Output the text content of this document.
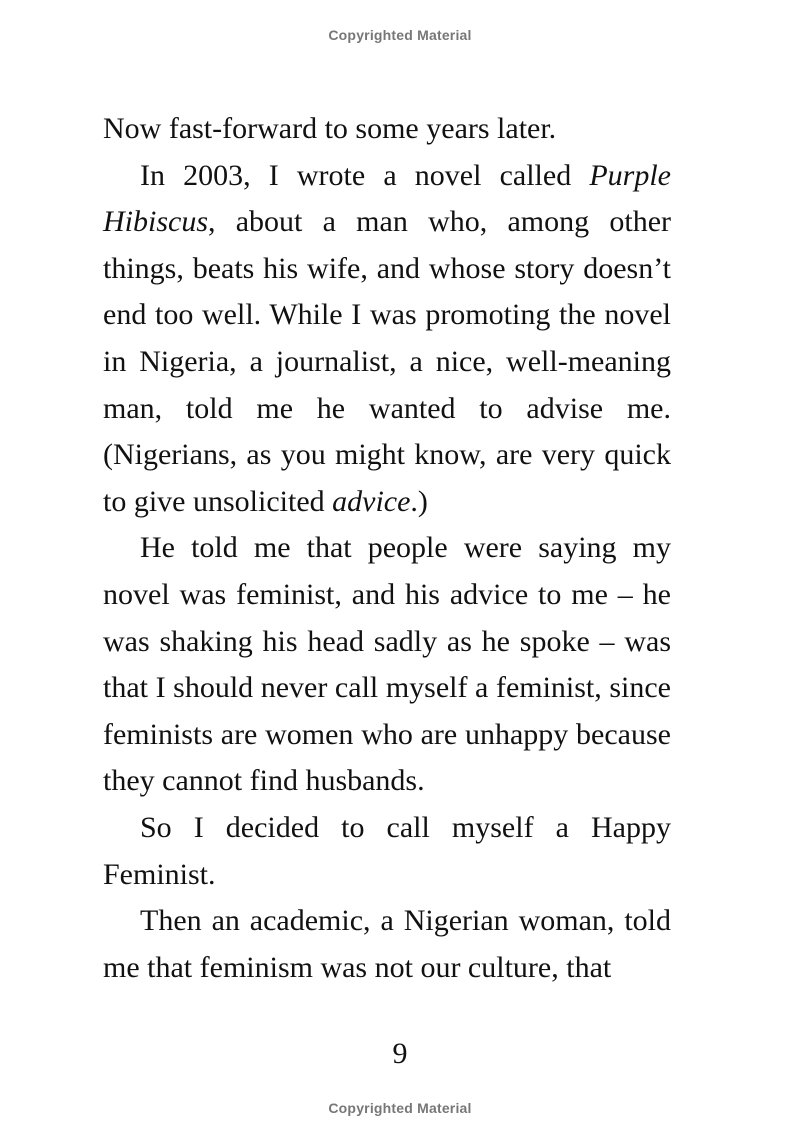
Copyrighted Material

Now fast-forward to some years later.

In 2003, I wrote a novel called Purple Hibiscus, about a man who, among other things, beats his wife, and whose story doesn’t end too well. While I was promoting the novel in Nigeria, a journalist, a nice, well-meaning man, told me he wanted to advise me. (Nigerians, as you might know, are very quick to give unsolicited advice.)

He told me that people were saying my novel was feminist, and his advice to me – he was shaking his head sadly as he spoke – was that I should never call myself a feminist, since feminists are women who are unhappy because they cannot find husbands.

So I decided to call myself a Happy Feminist.

Then an academic, a Nigerian woman, told me that feminism was not our culture, that

9
Copyrighted Material
